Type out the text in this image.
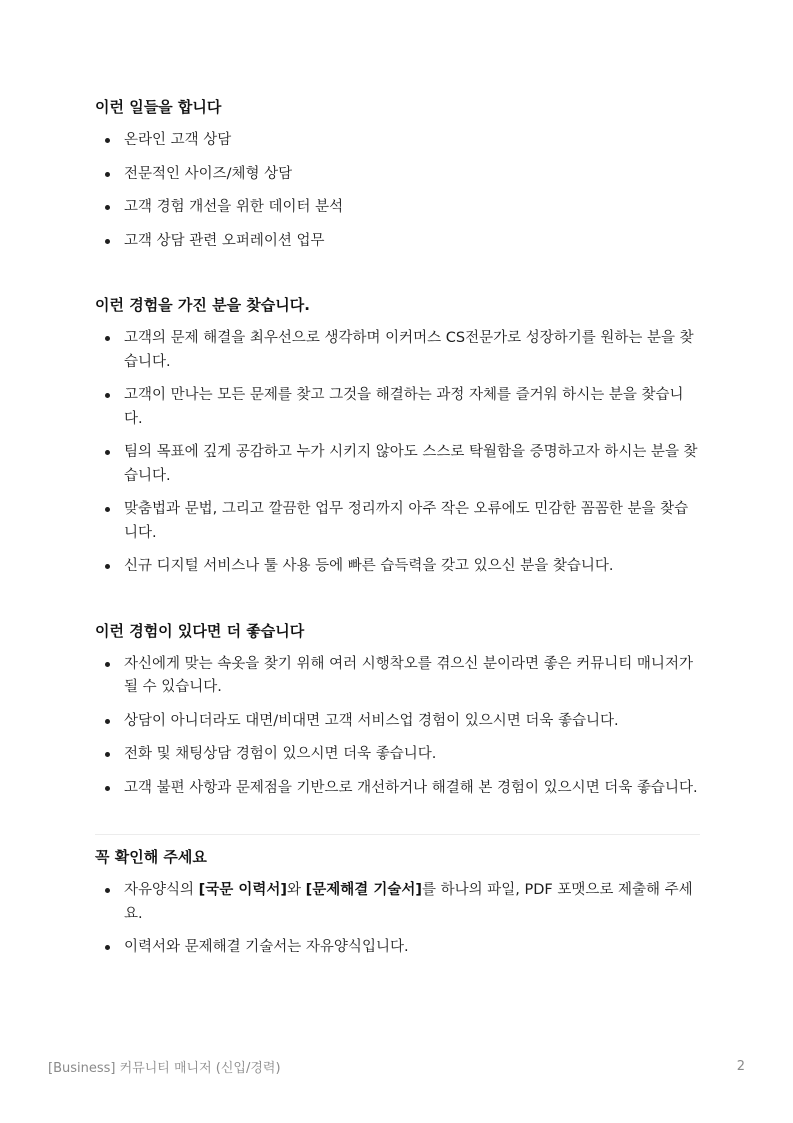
이런 일들을 합니다
온라인 고객 상담
전문적인 사이즈/체형 상담
고객 경험 개선을 위한 데이터 분석
고객 상담 관련 오퍼레이션 업무
이런 경험을 가진 분을 찾습니다.
고객의 문제 해결을 최우선으로 생각하며 이커머스 CS전문가로 성장하기를 원하는 분을 찾습니다.
고객이 만나는 모든 문제를 찾고 그것을 해결하는 과정 자체를 즐거워 하시는 분을 찾습니다.
팀의 목표에 깊게 공감하고 누가 시키지 않아도 스스로 탁월함을 증명하고자 하시는 분을 찾습니다.
맞춤법과 문법, 그리고 깔끔한 업무 정리까지 아주 작은 오류에도 민감한 꼼꼼한 분을 찾습니다.
신규 디지털 서비스나 툴 사용 등에 빠른 습득력을 갖고 있으신 분을 찾습니다.
이런 경험이 있다면 더 좋습니다
자신에게 맞는 속옷을 찾기 위해 여러 시행착오를 겪으신 분이라면 좋은 커뮤니티 매니저가 될 수 있습니다.
상담이 아니더라도 대면/비대면 고객 서비스업 경험이 있으시면 더욱 좋습니다.
전화 및 채팅상담 경험이 있으시면 더욱 좋습니다.
고객 불편 사항과 문제점을 기반으로 개선하거나 해결해 본 경험이 있으시면 더욱 좋습니다.
꼭 확인해 주세요
자유양식의 [국문 이력서]와 [문제해결 기술서]를 하나의 파일, PDF 포맷으로 제출해 주세요.
이력서와 문제해결 기술서는 자유양식입니다.
[Business] 커뮤니티 매니저 (신입/경력)	2
